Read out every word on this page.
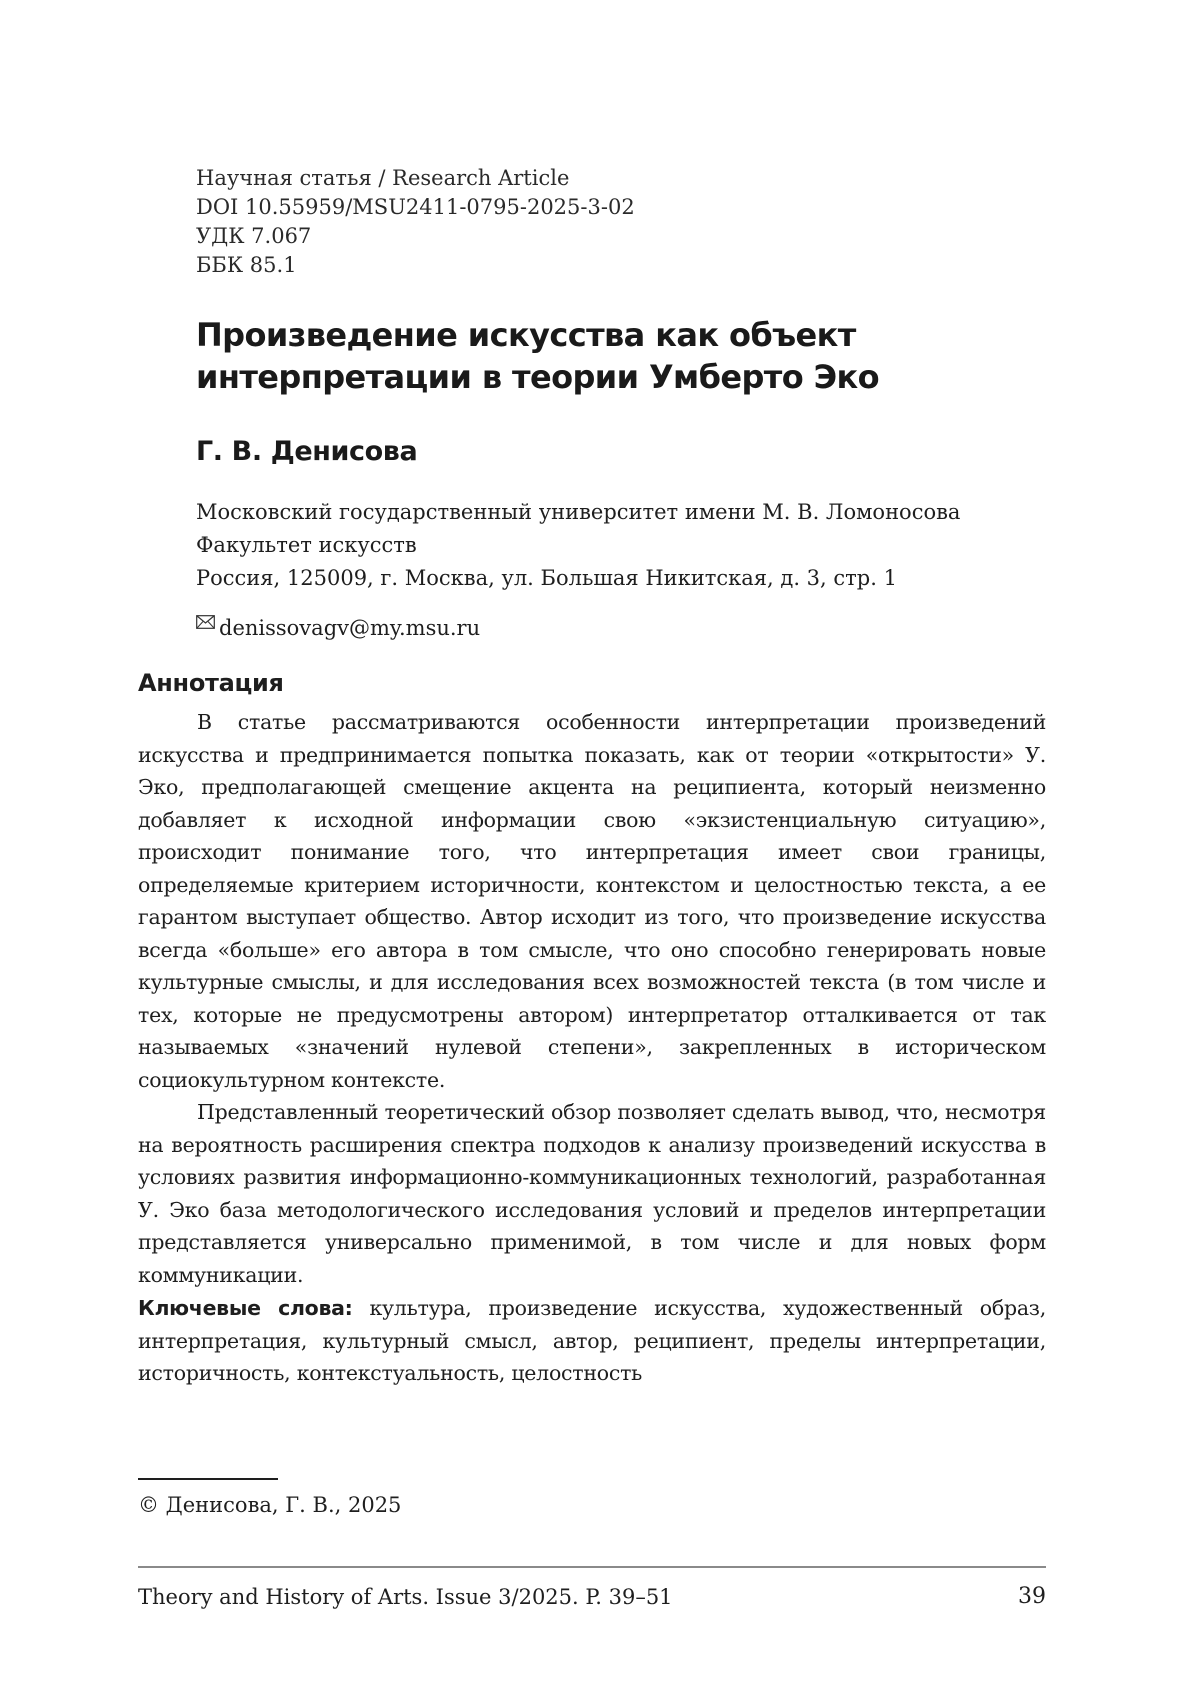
Научная статья / Research Article
DOI 10.55959/MSU2411-0795-2025-3-02
УДК 7.067
ББК 85.1
Произведение искусства как объект
интерпретации в теории Умберто Эко
Г. В. Денисова
Московский государственный университет имени М. В. Ломоносова
Факультет искусств
Россия, 125009, г. Москва, ул. Большая Никитская, д. 3, стр. 1
denissovagv@my.msu.ru
Аннотация

В статье рассматриваются особенности интерпретации произведений искусства и предпринимается попытка показать, как от теории «открытости» У. Эко, предполагающей смещение акцента на реципиента, который неизменно добавляет к исходной информации свою «экзистенциальную ситуацию», происходит понимание того, что интерпретация имеет свои границы, определяемые критерием историчности, контекстом и целостностью текста, а ее гарантом выступает общество. Автор исходит из того, что произведение искусства всегда «больше» его автора в том смысле, что оно способно генерировать новые культурные смыслы, и для исследования всех возможностей текста (в том числе и тех, которые не предусмотрены автором) интерпретатор отталкивается от так называемых «значений нулевой степени», закрепленных в историческом социокультурном контексте.

Представленный теоретический обзор позволяет сделать вывод, что, несмотря на вероятность расширения спектра подходов к анализу произведений искусства в условиях развития информационно-коммуникационных технологий, разработанная У. Эко база методологического исследования условий и пределов интерпретации представляется универсально применимой, в том числе и для новых форм коммуникации.

Ключевые слова: культура, произведение искусства, художественный образ, интерпретация, культурный смысл, автор, реципиент, пределы интерпретации, историчность, контекстуальность, целостность
© Денисова, Г. В., 2025
Theory and History of Arts. Issue 3/2025. P. 39–51	39
